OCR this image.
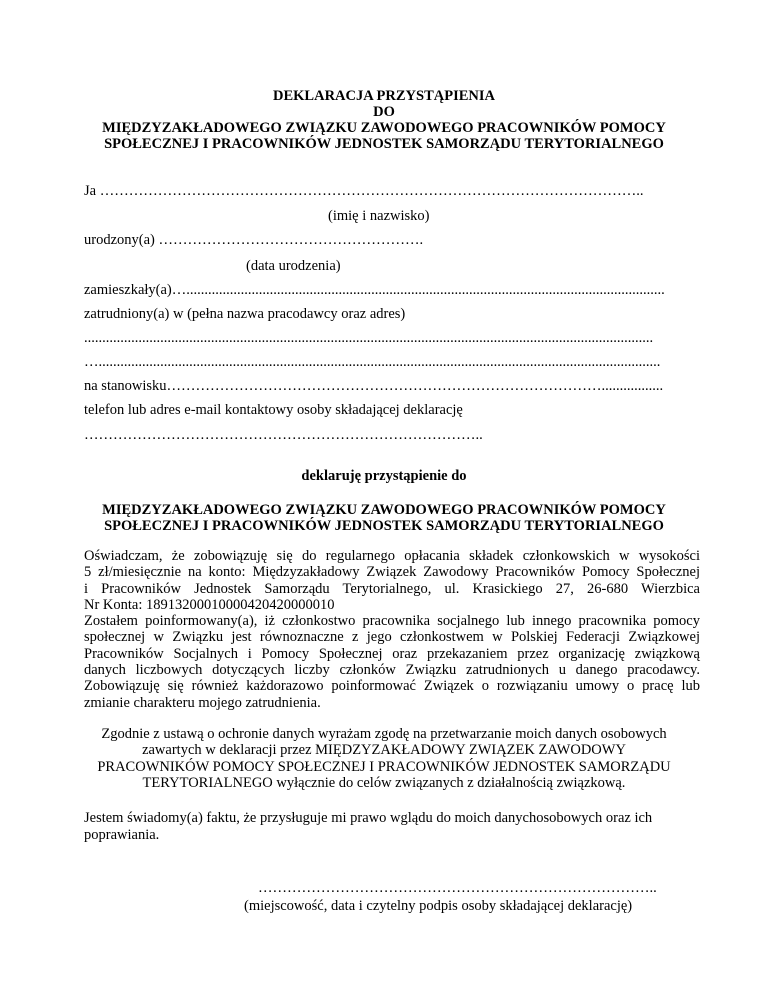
DEKLARACJA PRZYSTĄPIENIA

DO

MIĘDZYZAKŁADOWEGO ZWIĄZKU ZAWODOWEGO PRACOWNIKÓW POMOCY

SPOŁECZNEJ I PRACOWNIKÓW JEDNOSTEK SAMORZĄDU TERYTORIALNEGO

Ja …………………………………………………………………………………………………..

(imię i nazwisko)

urodzony(a) ……………………………………………….

(data urodzenia)

zamieszkały(a)…....................................................................................................................................

zatrudniony(a) w (pełna nazwa pracodawcy oraz adres)

.............................................................................................................................................................

…...........................................................................................................................................................

na stanowisku……………………………………………………………………………….................

telefon lub adres e-mail kontaktowy osoby składającej deklarację

………………………………………………………………………..

deklaruję przystąpienie do

MIĘDZYZAKŁADOWEGO ZWIĄZKU ZAWODOWEGO PRACOWNIKÓW POMOCY

SPOŁECZNEJ I PRACOWNIKÓW JEDNOSTEK SAMORZĄDU TERYTORIALNEGO

Oświadczam, że zobowiązuję się do regularnego opłacania składek członkowskich w wysokości

5 zł/miesięcznie na konto: Międzyzakładowy Związek Zawodowy Pracowników Pomocy Społecznej

i Pracowników Jednostek Samorządu Terytorialnego, ul. Krasickiego 27, 26-680 Wierzbica

Nr Konta: 18913200010000420420000010

Zostałem poinformowany(a), iż członkostwo pracownika socjalnego lub innego pracownika pomocy

społecznej w Związku jest równoznaczne z jego członkostwem w Polskiej Federacji Związkowej

Pracowników Socjalnych i Pomocy Społecznej oraz przekazaniem przez organizację związkową

danych liczbowych dotyczących liczby członków Związku zatrudnionych u danego pracodawcy.

Zobowiązuję się również każdorazowo poinformować Związek o rozwiązaniu umowy o pracę lub

zmianie charakteru mojego zatrudnienia.

Zgodnie z ustawą o ochronie danych wyrażam zgodę na przetwarzanie moich danych osobowych

zawartych w deklaracji przez MIĘDZYZAKŁADOWY ZWIĄZEK ZAWODOWY

PRACOWNIKÓW POMOCY SPOŁECZNEJ I PRACOWNIKÓW JEDNOSTEK SAMORZĄDU

TERYTORIALNEGO wyłącznie do celów związanych z działalnością związkową.

Jestem świadomy(a) faktu, że przysługuje mi prawo wglądu do moich danychosobowych oraz ich

poprawiania.

………………………………………………………………………..

(miejscowość, data i czytelny podpis osoby składającej deklarację)
